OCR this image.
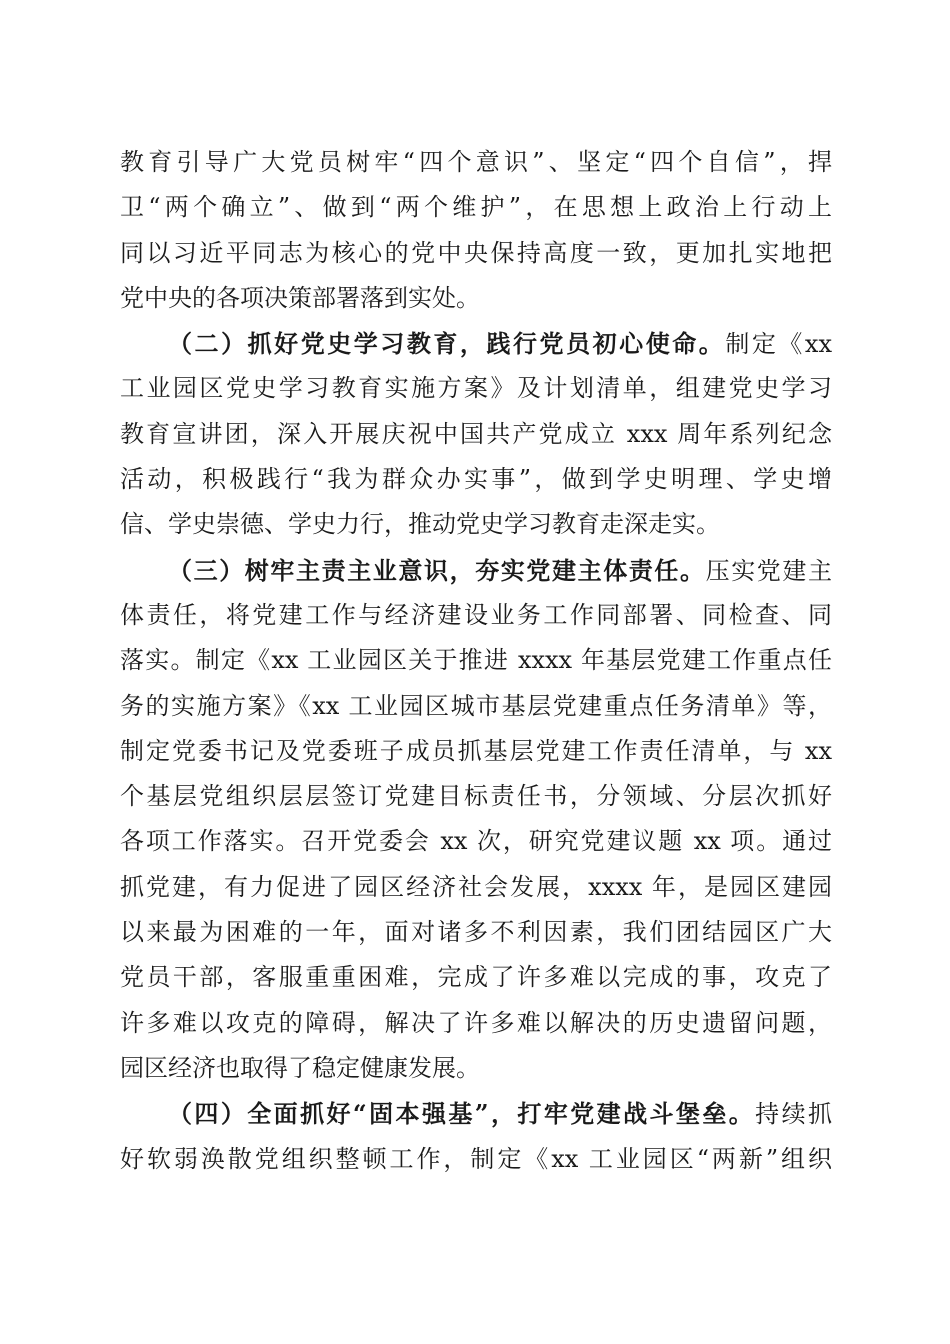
教育引导广大党员树牢“四个意识”、坚定“四个自信”，捍
卫“两个确立”、做到“两个维护”，在思想上政治上行动上
同以习近平同志为核心的党中央保持高度一致，更加扎实地把
党中央的各项决策部署落到实处。
（二）抓好党史学习教育，践行党员初心使命。制定《xx
工业园区党史学习教育实施方案》及计划清单，组建党史学习
教育宣讲团，深入开展庆祝中国共产党成立 xxx 周年系列纪念
活动，积极践行“我为群众办实事”，做到学史明理、学史增
信、学史崇德、学史力行，推动党史学习教育走深走实。
（三）树牢主责主业意识，夯实党建主体责任。压实党建主
体责任，将党建工作与经济建设业务工作同部署、同检查、同
落实。制定《xx 工业园区关于推进 xxxx 年基层党建工作重点任
务的实施方案》《xx 工业园区城市基层党建重点任务清单》等，
制定党委书记及党委班子成员抓基层党建工作责任清单，与 xx
个基层党组织层层签订党建目标责任书，分领域、分层次抓好
各项工作落实。召开党委会 xx 次，研究党建议题 xx 项。通过
抓党建，有力促进了园区经济社会发展，xxxx 年，是园区建园
以来最为困难的一年，面对诸多不利因素，我们团结园区广大
党员干部，客服重重困难，完成了许多难以完成的事，攻克了
许多难以攻克的障碍，解决了许多难以解决的历史遗留问题，
园区经济也取得了稳定健康发展。
（四）全面抓好“固本强基”，打牢党建战斗堡垒。持续抓
好软弱涣散党组织整顿工作，制定《xx 工业园区“两新”组织
